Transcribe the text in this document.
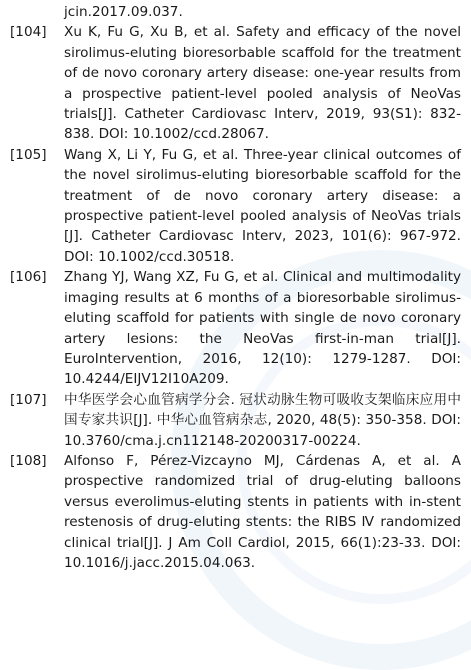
jcin.2017.09.037.
[104]	Xu K, Fu G, Xu B, et al. Safety and efficacy of the novel sirolimus-eluting bioresorbable scaffold for the treatment of de novo coronary artery disease: one-year results from a prospective patient-level pooled analysis of NeoVas trials[J]. Catheter Cardiovasc Interv, 2019, 93(S1): 832-838. DOI: 10.1002/ccd.28067.
[105]	Wang X, Li Y, Fu G, et al. Three-year clinical outcomes of the novel sirolimus-eluting bioresorbable scaffold for the treatment of de novo coronary artery disease: a prospective patient-level pooled analysis of NeoVas trials [J]. Catheter Cardiovasc Interv, 2023, 101(6): 967-972. DOI: 10.1002/ccd.30518.
[106]	Zhang YJ, Wang XZ, Fu G, et al. Clinical and multimodality imaging results at 6 months of a bioresorbable sirolimus-eluting scaffold for patients with single de novo coronary artery lesions: the NeoVas first-in-man trial[J]. EuroIntervention, 2016, 12(10): 1279-1287. DOI: 10.4244/EIJV12I10A209.
[107]	中华医学会心血管病学分会. 冠状动脉生物可吸收支架临床应用中国专家共识[J]. 中华心血管病杂志, 2020, 48(5): 350-358. DOI: 10.3760/cma.j.cn112148-20200317-00224.
[108]	Alfonso F, Pérez-Vizcayno MJ, Cárdenas A, et al. A prospective randomized trial of drug-eluting balloons versus everolimus-eluting stents in patients with in-stent restenosis of drug-eluting stents: the RIBS Ⅳ randomized clinical trial[J]. J Am Coll Cardiol, 2015, 66(1):23-33. DOI: 10.1016/j.jacc.2015.04.063.
